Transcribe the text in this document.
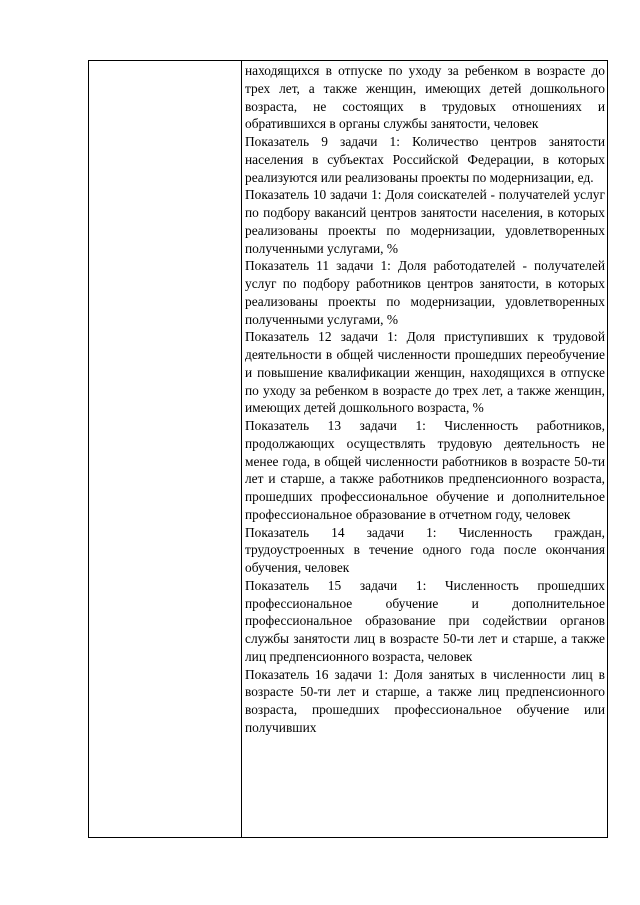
находящихся в отпуске по уходу за ребенком в возрасте до трех лет, а также женщин, имеющих детей дошкольного возраста, не состоящих в трудовых отношениях и обратившихся в органы службы занятости, человек

Показатель 9 задачи 1: Количество центров занятости населения в субъектах Российской Федерации, в которых реализуются или реализованы проекты по модернизации, ед.

Показатель 10 задачи 1: Доля соискателей - получателей услуг по подбору вакансий центров занятости населения, в которых реализованы проекты по модернизации, удовлетворенных полученными услугами, %

Показатель 11 задачи 1: Доля работодателей - получателей услуг по подбору работников центров занятости, в которых реализованы проекты по модернизации, удовлетворенных полученными услугами, %

Показатель 12 задачи 1: Доля приступивших к трудовой деятельности в общей численности прошедших переобучение и повышение квалификации женщин, находящихся в отпуске по уходу за ребенком в возрасте до трех лет, а также женщин, имеющих детей дошкольного возраста, %

Показатель 13 задачи 1: Численность работников, продолжающих осуществлять трудовую деятельность не менее года, в общей численности работников в возрасте 50-ти лет и старше, а также работников предпенсионного возраста, прошедших профессиональное обучение и дополнительное профессиональное образование в отчетном году, человек

Показатель 14 задачи 1: Численность граждан, трудоустроенных в течение одного года после окончания обучения, человек

Показатель 15 задачи 1: Численность прошедших профессиональное обучение и дополнительное профессиональное образование при содействии органов службы занятости лиц в возрасте 50-ти лет и старше, а также лиц предпенсионного возраста, человек

Показатель 16 задачи 1: Доля занятых в численности лиц в возрасте 50-ти лет и старше, а также лиц предпенсионного возраста, прошедших профессиональное обучение или получивших
